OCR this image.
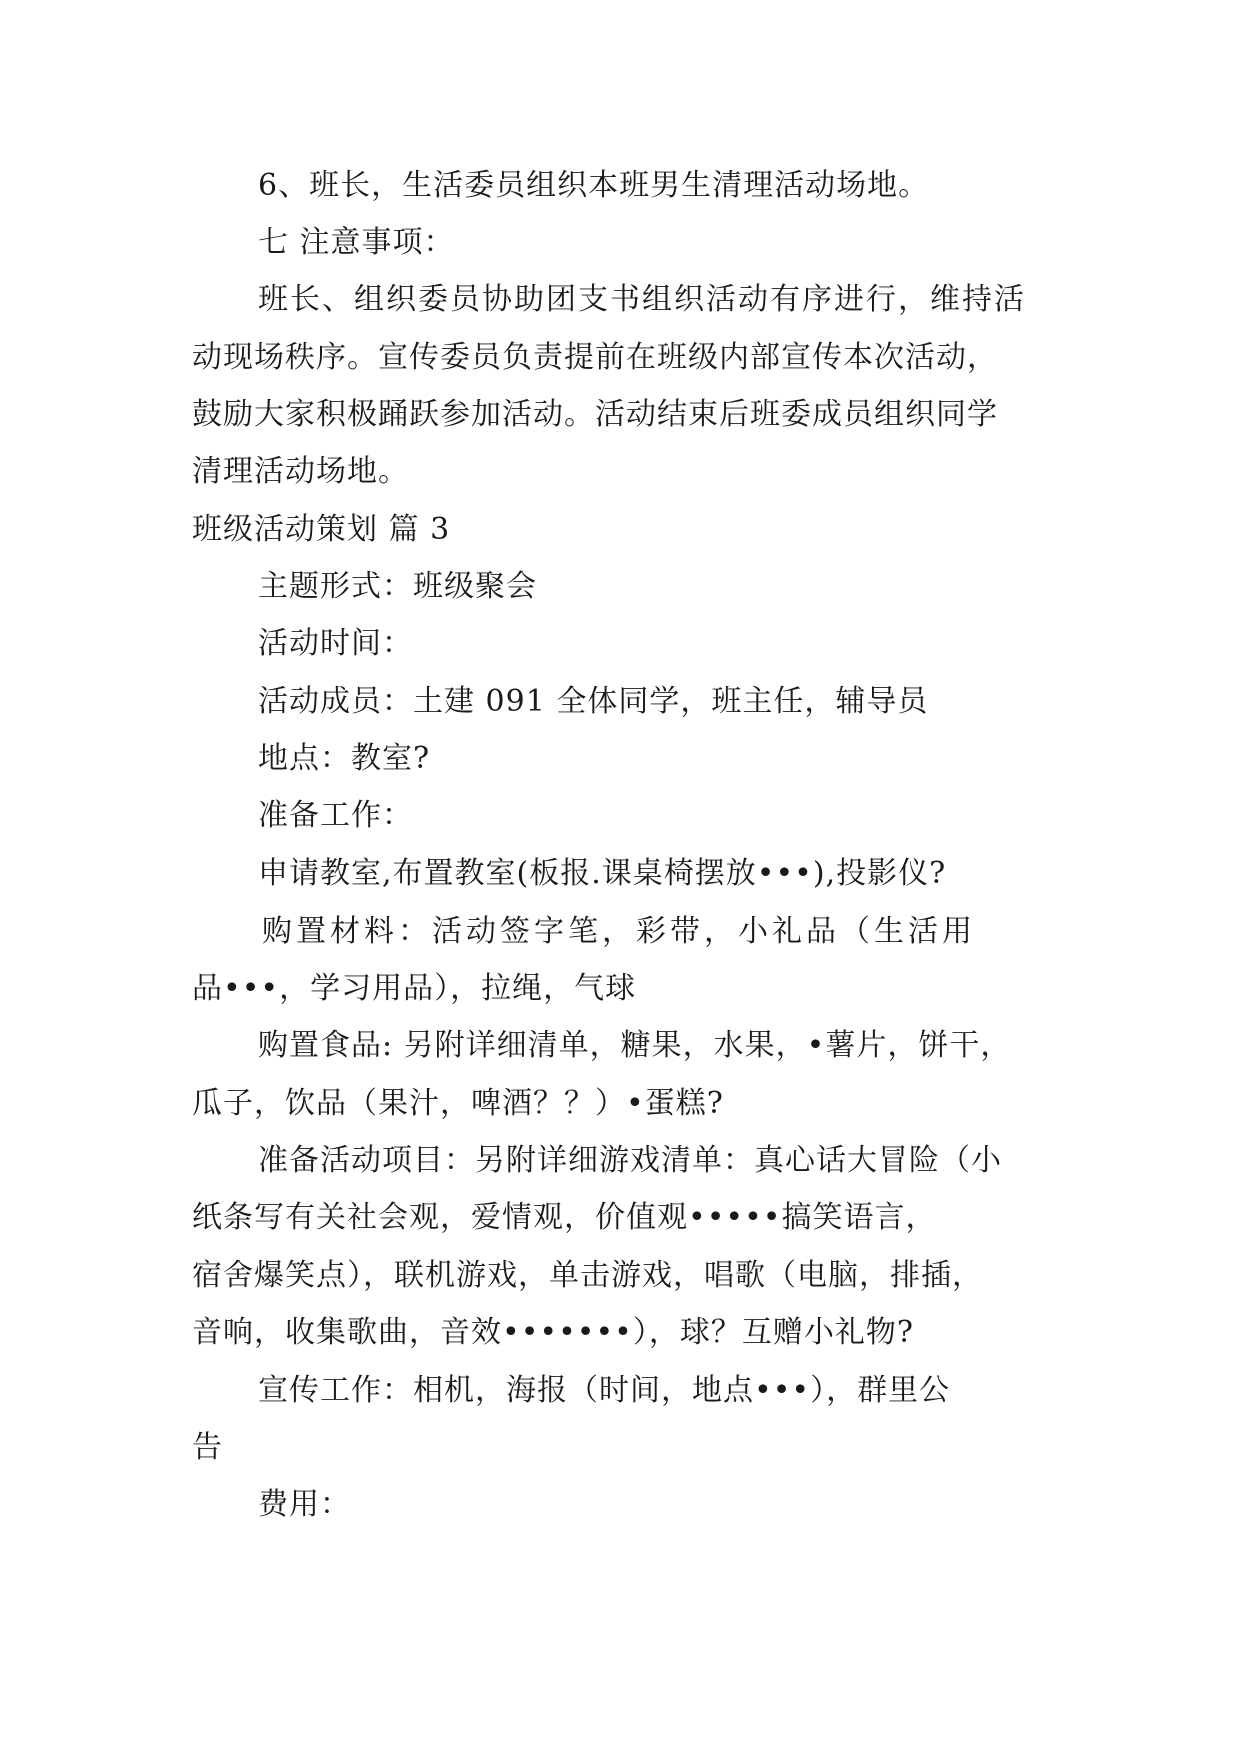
6、班长，生活委员组织本班男生清理活动场地。
七 注意事项：
班长、组织委员协助团支书组织活动有序进行，维持活
动现场秩序。宣传委员负责提前在班级内部宣传本次活动，
鼓励大家积极踊跃参加活动。活动结束后班委成员组织同学
清理活动场地。
班级活动策划 篇 3
主题形式：班级聚会
活动时间：
活动成员：土建 091 全体同学，班主任，辅导员
地点：教室?
准备工作：
申请教室,布置教室(板报.课桌椅摆放•••),投影仪?
购置材料：活动签字笔，彩带，小礼品（生活用
品•••，学习用品），拉绳，气球
购置食品: 另附详细清单，糖果，水果，•薯片，饼干，
瓜子，饮品（果汁，啤酒？？）•蛋糕?
准备活动项目：另附详细游戏清单：真心话大冒险（小
纸条写有关社会观，爱情观，价值观•••••搞笑语言，
宿舍爆笑点），联机游戏，单击游戏，唱歌（电脑，排插，
音响，收集歌曲，音效•••••••），球？互赠小礼物?
宣传工作：相机，海报（时间，地点•••），群里公
告
费用：
